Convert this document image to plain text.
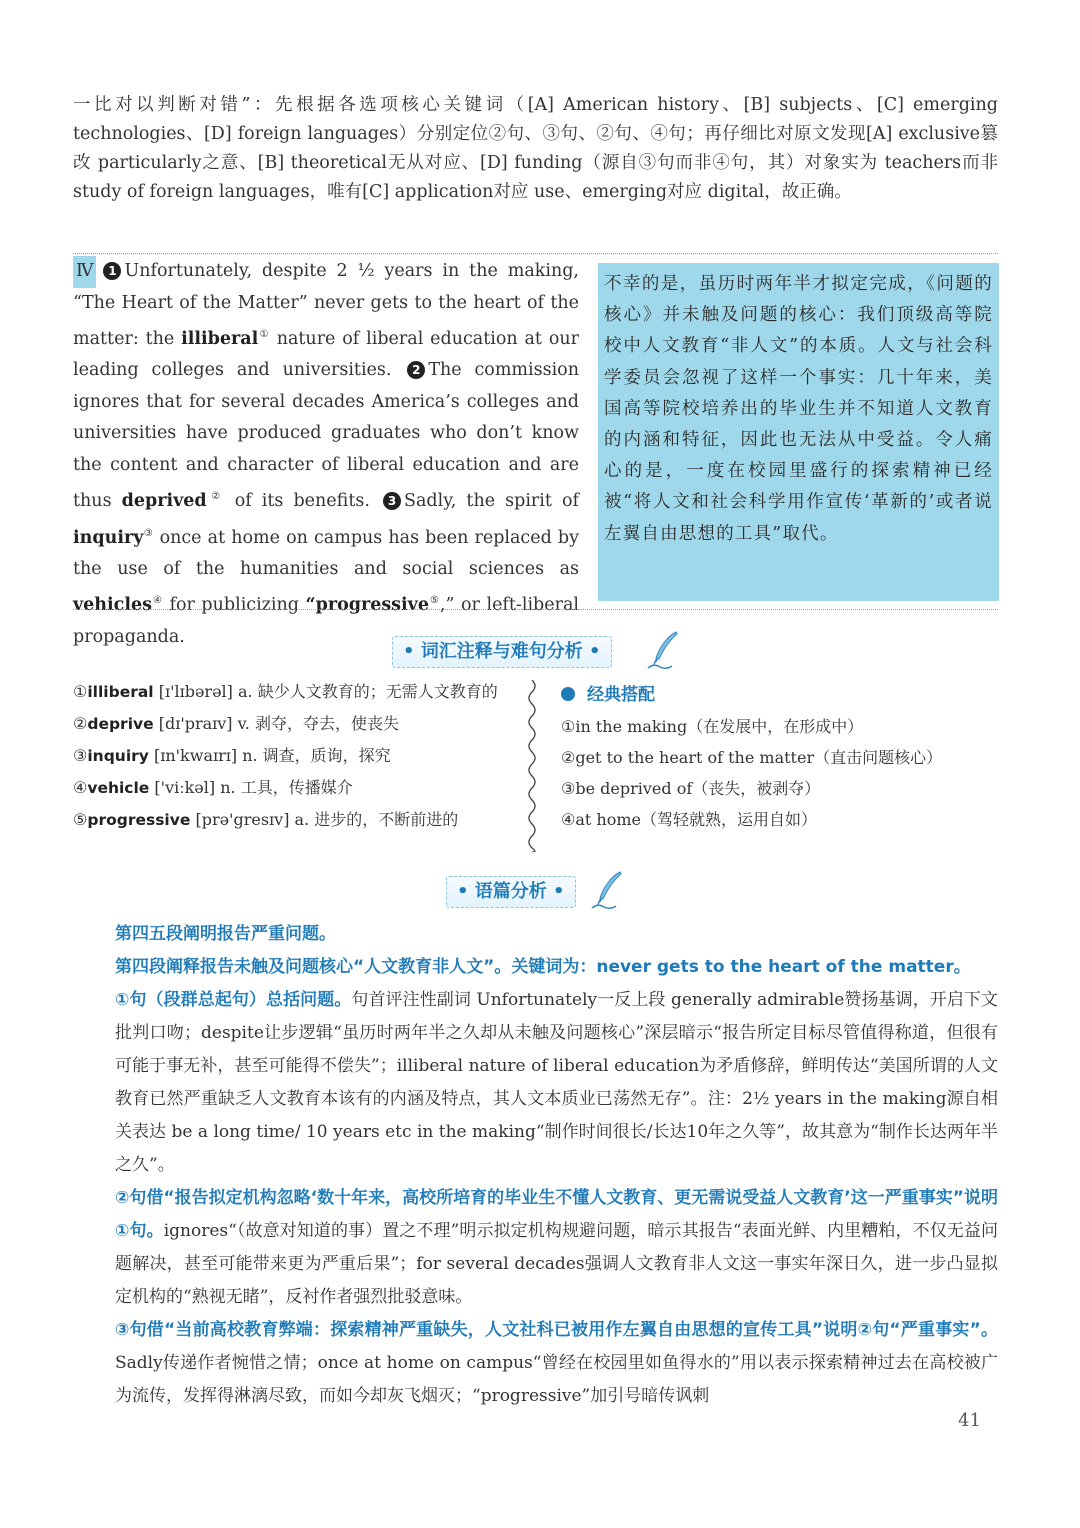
一比对以判断对错”：先根据各选项核心关键词（[A] American history、[B] subjects、[C] emerging technologies、[D] foreign languages）分别定位②句、③句、②句、④句；再仔细比对原文发现[A] exclusive篡改 particularly之意、[B] theoretical无从对应、[D] funding（源自③句而非④句，其）对象实为 teachers而非 study of foreign languages，唯有[C] application对应 use、emerging对应 digital，故正确。

Ⅳ 1 Unfortunately, despite 2 ½ years in the making, “The Heart of the Matter” never gets to the heart of the matter: the illiberal① nature of liberal education at our leading colleges and universities. 2 The commission ignores that for several decades America’s colleges and universities have produced graduates who don’t know the content and character of liberal education and are thus deprived② of its benefits. 3 Sadly, the spirit of inquiry③ once at home on campus has been replaced by the use of the humanities and social sciences as vehicles④ for publicizing “progressive⑤,” or left-liberal propaganda.

不幸的是，虽历时两年半才拟定完成，《问题的核心》并未触及问题的核心：我们顶级高等院校中人文教育“非人文”的本质。人文与社会科学委员会忽视了这样一个事实：几十年来，美国高等院校培养出的毕业生并不知道人文教育的内涵和特征，因此也无法从中受益。令人痛心的是，一度在校园里盛行的探索精神已经被“将人文和社会科学用作宣传‘革新的’或者说左翼自由思想的工具”取代。
• 词汇注释与难句分析 •
①illiberal [ɪ'lɪbərəl] a. 缺少人文教育的；无需人文教育的
②deprive [dɪ'praɪv] v. 剥夺，夺去，使丧失
③inquiry [ɪn'kwaɪrɪ] n. 调查，质询，探究
④vehicle ['viːkəl] n. 工具，传播媒介
⑤progressive [prə'gresɪv] a. 进步的，不断前进的
经典搭配
①in the making（在发展中，在形成中）
②get to the heart of the matter（直击问题核心）
③be deprived of（丧失，被剥夺）
④at home（驾轻就熟，运用自如）
• 语篇分析 •

第四五段阐明报告严重问题。

第四段阐释报告未触及问题核心“人文教育非人文”。关键词为：never gets to the heart of the matter。

①句（段群总起句）总括问题。句首评注性副词 Unfortunately一反上段 generally admirable赞扬基调，开启下文批判口吻；despite让步逻辑“虽历时两年半之久却从未触及问题核心”深层暗示“报告所定目标尽管值得称道，但很有可能于事无补，甚至可能得不偿失”；illiberal nature of liberal education为矛盾修辞，鲜明传达“美国所谓的人文教育已然严重缺乏人文教育本该有的内涵及特点，其人文本质业已荡然无存”。注：2½ years in the making源自相关表达 be a long time/ 10 years etc in the making“制作时间很长/长达10年之久等”，故其意为“制作长达两年半之久”。

②句借“报告拟定机构忽略‘数十年来，高校所培育的毕业生不懂人文教育、更无需说受益人文教育’这一严重事实”说明①句。ignores“（故意对知道的事）置之不理”明示拟定机构规避问题，暗示其报告“表面光鲜、内里糟粕，不仅无益问题解决，甚至可能带来更为严重后果”；for several decades强调人文教育非人文这一事实年深日久，进一步凸显拟定机构的“熟视无睹”，反衬作者强烈批驳意味。

③句借“当前高校教育弊端：探索精神严重缺失，人文社科已被用作左翼自由思想的宣传工具”说明②句“严重事实”。Sadly传递作者惋惜之情；once at home on campus“曾经在校园里如鱼得水的”用以表示探索精神过去在高校被广为流传，发挥得淋漓尽致，而如今却灰飞烟灭；“progressive”加引号暗传讽刺

41
